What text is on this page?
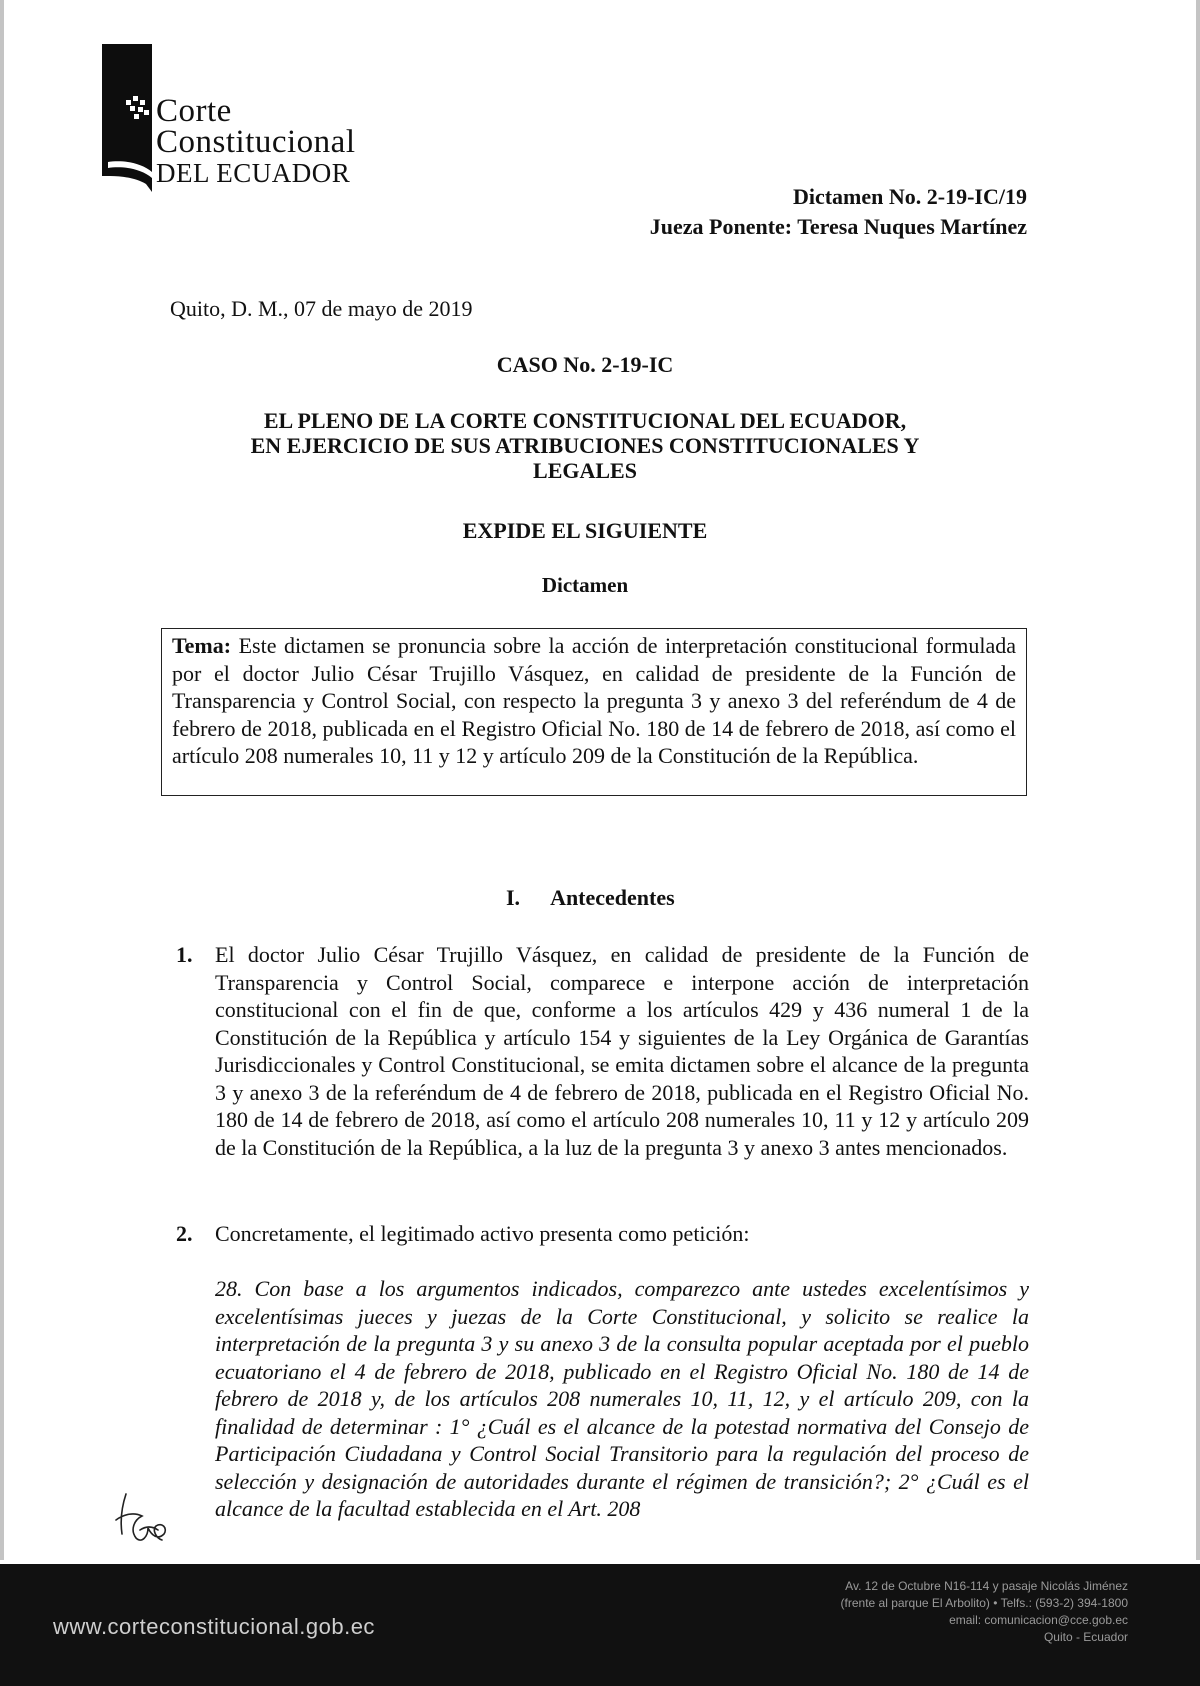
Corte
Constitucional
DEL ECUADOR
Dictamen No. 2-19-IC/19
Jueza Ponente: Teresa Nuques Martínez
Quito, D. M., 07 de mayo de 2019
CASO No. 2-19-IC
EL PLENO DE LA CORTE CONSTITUCIONAL DEL ECUADOR,
EN EJERCICIO DE SUS ATRIBUCIONES CONSTITUCIONALES Y
LEGALES
EXPIDE EL SIGUIENTE
Dictamen
Tema: Este dictamen se pronuncia sobre la acción de interpretación constitucional formulada por el doctor Julio César Trujillo Vásquez, en calidad de presidente de la Función de Transparencia y Control Social, con respecto la pregunta 3 y anexo 3 del referéndum de 4 de febrero de 2018, publicada en el Registro Oficial No. 180 de 14 de febrero de 2018, así como el artículo 208 numerales 10, 11 y 12 y artículo 209 de la Constitución de la República.
I. Antecedentes
1. El doctor Julio César Trujillo Vásquez, en calidad de presidente de la Función de Transparencia y Control Social, comparece e interpone acción de interpretación constitucional con el fin de que, conforme a los artículos 429 y 436 numeral 1 de la Constitución de la República y artículo 154 y siguientes de la Ley Orgánica de Garantías Jurisdiccionales y Control Constitucional, se emita dictamen sobre el alcance de la pregunta 3 y anexo 3 de la referéndum de 4 de febrero de 2018, publicada en el Registro Oficial No. 180 de 14 de febrero de 2018, así como el artículo 208 numerales 10, 11 y 12 y artículo 209 de la Constitución de la República, a la luz de la pregunta 3 y anexo 3 antes mencionados.
2. Concretamente, el legitimado activo presenta como petición:
28. Con base a los argumentos indicados, comparezco ante ustedes excelentísimos y excelentísimas jueces y juezas de la Corte Constitucional, y solicito se realice la interpretación de la pregunta 3 y su anexo 3 de la consulta popular aceptada por el pueblo ecuatoriano el 4 de febrero de 2018, publicado en el Registro Oficial No. 180 de 14 de febrero de 2018 y, de los artículos 208 numerales 10, 11, 12, y el artículo 209, con la finalidad de determinar : 1° ¿Cuál es el alcance de la potestad normativa del Consejo de Participación Ciudadana y Control Social Transitorio para la regulación del proceso de selección y designación de autoridades durante el régimen de transición?; 2° ¿Cuál es el alcance de la facultad establecida en el Art. 208
www.corteconstitucional.gob.ec
Av. 12 de Octubre N16-114 y pasaje Nicolás Jiménez
(frente al parque El Arbolito) • Telfs.: (593-2) 394-1800
email: comunicacion@cce.gob.ec
Quito - Ecuador
